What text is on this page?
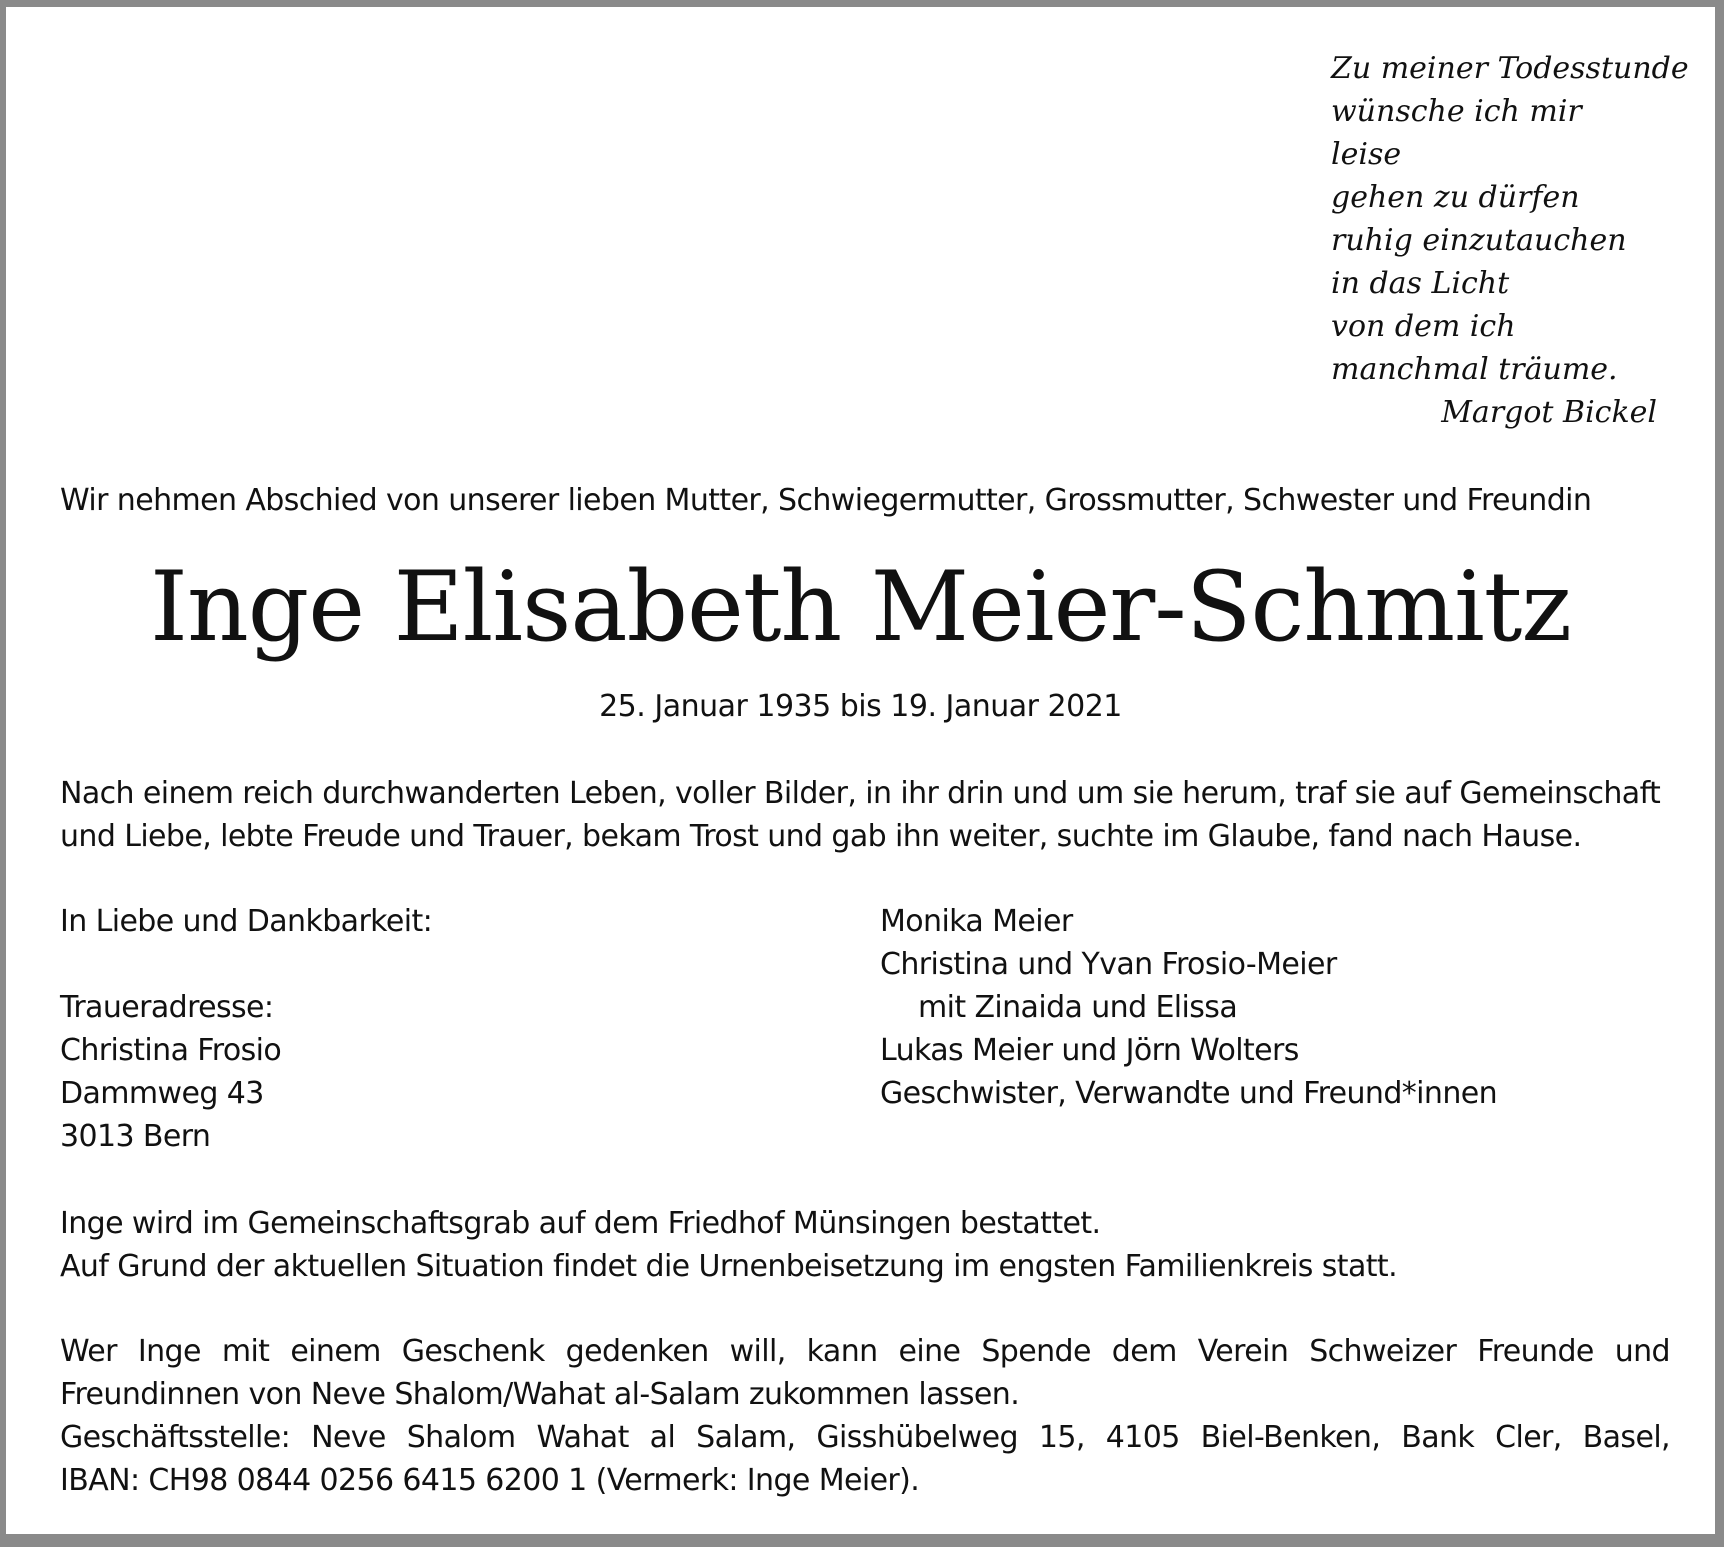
Zu meiner Todesstunde
wünsche ich mir
leise
gehen zu dürfen
ruhig einzutauchen
in das Licht
von dem ich
manchmal träume.
Margot Bickel
Wir nehmen Abschied von unserer lieben Mutter, Schwiegermutter, Grossmutter, Schwester und Freundin
Inge Elisabeth Meier-Schmitz
25. Januar 1935 bis 19. Januar 2021
Nach einem reich durchwanderten Leben, voller Bilder, in ihr drin und um sie herum, traf sie auf Gemeinschaft
und Liebe, lebte Freude und Trauer, bekam Trost und gab ihn weiter, suchte im Glaube, fand nach Hause.
In Liebe und Dankbarkeit:
Traueradresse:
Christina Frosio
Dammweg 43
3013 Bern
Monika Meier
Christina und Yvan Frosio-Meier
mit Zinaida und Elissa
Lukas Meier und Jörn Wolters
Geschwister, Verwandte und Freund*innen
Inge wird im Gemeinschaftsgrab auf dem Friedhof Münsingen bestattet.
Auf Grund der aktuellen Situation findet die Urnenbeisetzung im engsten Familienkreis statt.
Wer Inge mit einem Geschenk gedenken will, kann eine Spende dem Verein Schweizer Freunde und
Freundinnen von Neve Shalom/Wahat al-Salam zukommen lassen.
Geschäftsstelle: Neve Shalom Wahat al Salam, Gisshübelweg 15, 4105 Biel-Benken, Bank Cler, Basel,
IBAN: CH98 0844 0256 6415 6200 1 (Vermerk: Inge Meier).
